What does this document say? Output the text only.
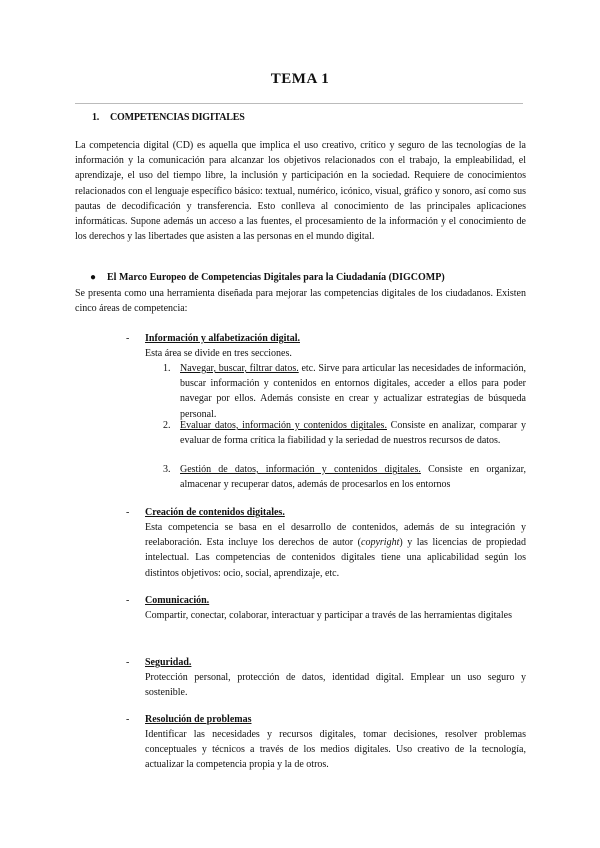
TEMA 1
1. COMPETENCIAS DIGITALES

La competencia digital (CD) es aquella que implica el uso creativo, crítico y seguro de las tecnologías de la información y la comunicación para alcanzar los objetivos relacionados con el trabajo, la empleabilidad, el aprendizaje, el uso del tiempo libre, la inclusión y participación en la sociedad. Requiere de conocimientos relacionados con el lenguaje específico básico: textual, numérico, icónico, visual, gráfico y sonoro, así como sus pautas de decodificación y transferencia. Esto conlleva al conocimiento de las principales aplicaciones informáticas. Supone además un acceso a las fuentes, el procesamiento de la información y el conocimiento de los derechos y las libertades que asisten a las personas en el mundo digital.

● El Marco Europeo de Competencias Digitales para la Ciudadanía (DIGCOMP)

Se presenta como una herramienta diseñada para mejorar las competencias digitales de los ciudadanos. Existen cinco áreas de competencia:

- Información y alfabetización digital.

Esta área se divide en tres secciones.

1. Navegar, buscar, filtrar datos. etc. Sirve para articular las necesidades de información, buscar información y contenidos en entornos digitales, acceder a ellos para poder navegar por ellos. Además consiste en crear y actualizar estrategias de búsqueda personal.

2. Evaluar datos, información y contenidos digitales. Consiste en analizar, comparar y evaluar de forma crítica la fiabilidad y la seriedad de nuestros recursos de datos.

3. Gestión de datos, información y contenidos digitales. Consiste en organizar, almacenar y recuperar datos, además de procesarlos en los entornos

- Creación de contenidos digitales.

Esta competencia se basa en el desarrollo de contenidos, además de su integración y reelaboración. Esta incluye los derechos de autor (copyright) y las licencias de propiedad intelectual. Las competencias de contenidos digitales tiene una aplicabilidad según los distintos objetivos: ocio, social, aprendizaje, etc.

- Comunicación.

Compartir, conectar, colaborar, interactuar y participar a través de las herramientas digitales

- Seguridad.

Protección personal, protección de datos, identidad digital. Emplear un uso seguro y sostenible.

- Resolución de problemas

Identificar las necesidades y recursos digitales, tomar decisiones, resolver problemas conceptuales y técnicos a través de los medios digitales. Uso creativo de la tecnología, actualizar la competencia propia y la de otros.
